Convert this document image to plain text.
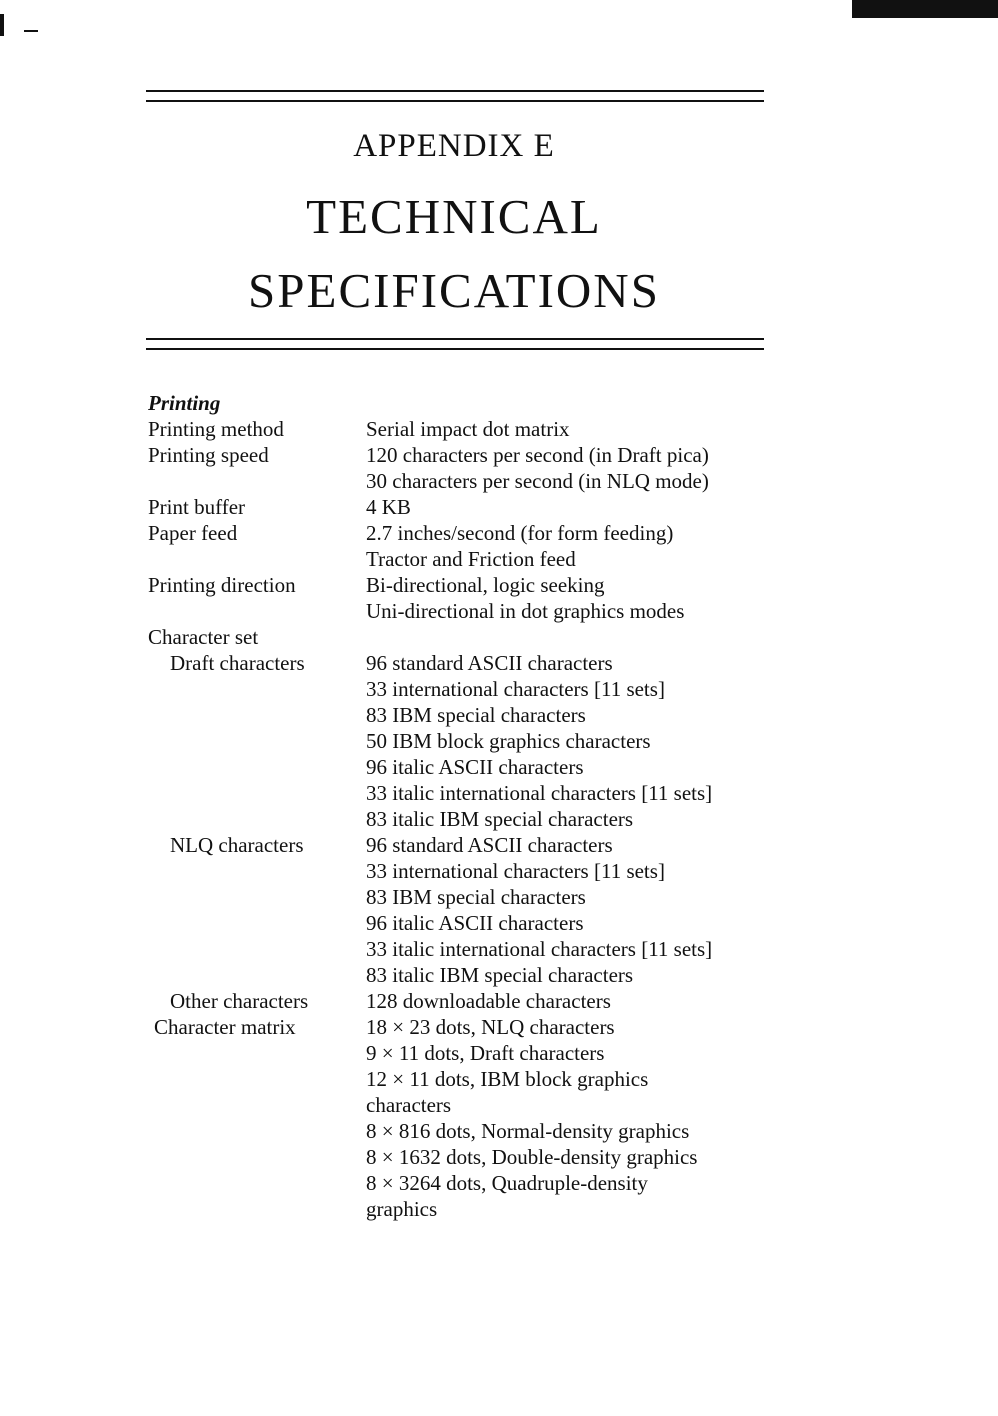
APPENDIX E
TECHNICAL
SPECIFICATIONS
Printing
Printing method	Serial impact dot matrix
Printing speed	120 characters per second (in Draft pica)
30 characters per second (in NLQ mode)
Print buffer	4 KB
Paper feed	2.7 inches/second (for form feeding)
Tractor and Friction feed
Printing direction	Bi-directional, logic seeking
Uni-directional in dot graphics modes
Character set
Draft characters	96 standard ASCII characters
33 international characters [11 sets]
83 IBM special characters
50 IBM block graphics characters
96 italic ASCII characters
33 italic international characters [11 sets]
83 italic IBM special characters
NLQ characters	96 standard ASCII characters
33 international characters [11 sets]
83 IBM special characters
96 italic ASCII characters
33 italic international characters [11 sets]
83 italic IBM special characters
Other characters	128 downloadable characters
Character matrix	18 × 23 dots, NLQ characters
9 × 11 dots, Draft characters
12 × 11 dots, IBM block graphics
characters
8 × 816 dots, Normal-density graphics
8 × 1632 dots, Double-density graphics
8 × 3264 dots, Quadruple-density
graphics
